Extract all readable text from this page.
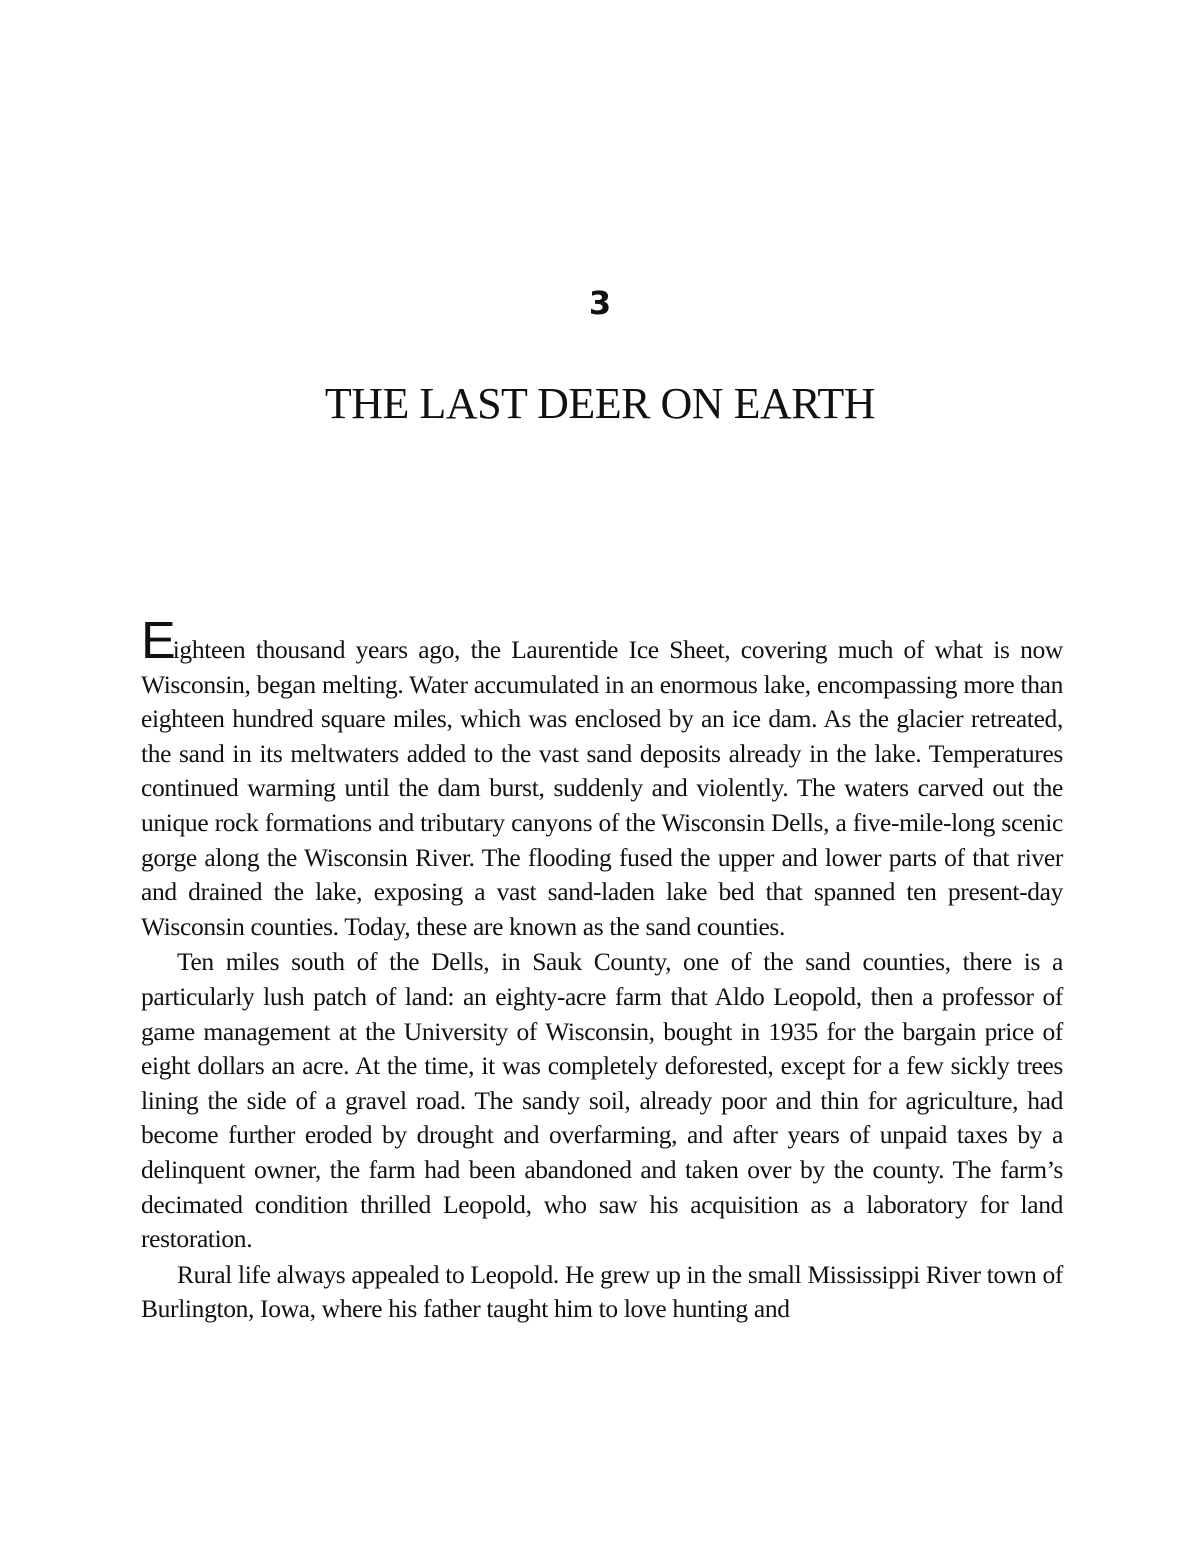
3
THE LAST DEER ON EARTH

Eighteen thousand years ago, the Laurentide Ice Sheet, covering much of what is now Wisconsin, began melting. Water accumulated in an enormous lake, encompassing more than eighteen hundred square miles, which was enclosed by an ice dam. As the glacier retreated, the sand in its meltwaters added to the vast sand deposits already in the lake. Temperatures continued warming until the dam burst, suddenly and violently. The waters carved out the unique rock formations and tributary canyons of the Wisconsin Dells, a five-mile-long scenic gorge along the Wisconsin River. The flooding fused the upper and lower parts of that river and drained the lake, exposing a vast sand-laden lake bed that spanned ten present-day Wisconsin counties. Today, these are known as the sand counties.

Ten miles south of the Dells, in Sauk County, one of the sand counties, there is a particularly lush patch of land: an eighty-acre farm that Aldo Leopold, then a professor of game management at the University of Wisconsin, bought in 1935 for the bargain price of eight dollars an acre. At the time, it was completely deforested, except for a few sickly trees lining the side of a gravel road. The sandy soil, already poor and thin for agriculture, had become further eroded by drought and overfarming, and after years of unpaid taxes by a delinquent owner, the farm had been abandoned and taken over by the county. The farm’s decimated condition thrilled Leopold, who saw his acquisition as a laboratory for land restoration.

Rural life always appealed to Leopold. He grew up in the small Mississippi River town of Burlington, Iowa, where his father taught him to love hunting and
